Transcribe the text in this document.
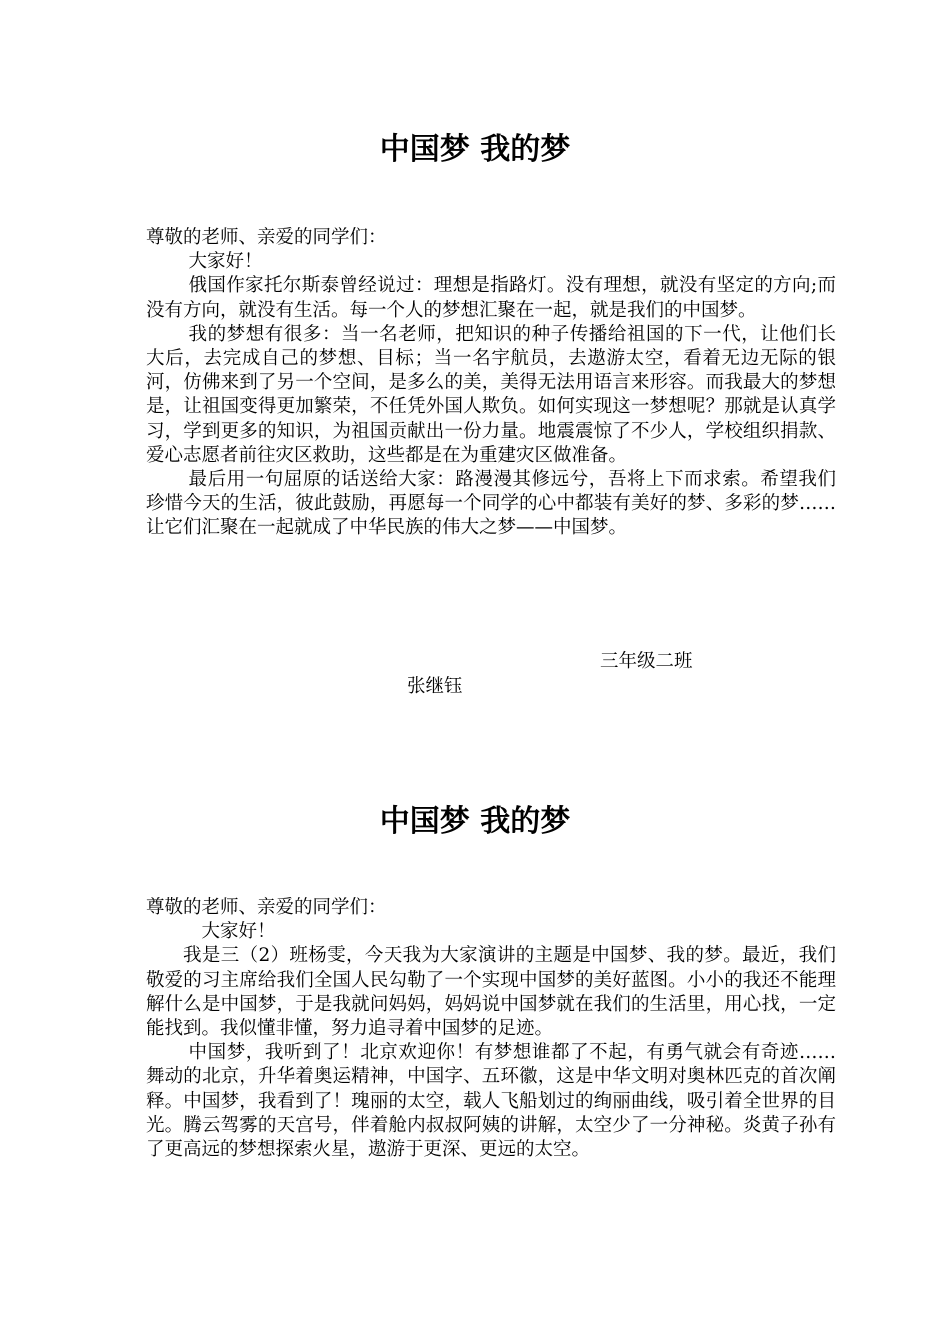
中国梦 我的梦

尊敬的老师、亲爱的同学们：

大家好！

俄国作家托尔斯泰曾经说过：理想是指路灯。没有理想，就没有坚定的方向;而没有方向，就没有生活。每一个人的梦想汇聚在一起，就是我们的中国梦。

我的梦想有很多：当一名老师，把知识的种子传播给祖国的下一代，让他们长大后，去完成自己的梦想、目标；当一名宇航员，去遨游太空，看着无边无际的银河，仿佛来到了另一个空间，是多么的美，美得无法用语言来形容。而我最大的梦想是，让祖国变得更加繁荣，不任凭外国人欺负。如何实现这一梦想呢？那就是认真学习，学到更多的知识，为祖国贡献出一份力量。地震震惊了不少人，学校组织捐款、爱心志愿者前往灾区救助，这些都是在为重建灾区做准备。

最后用一句屈原的话送给大家：路漫漫其修远兮，吾将上下而求索。希望我们珍惜今天的生活，彼此鼓励，再愿每一个同学的心中都装有美好的梦、多彩的梦……让它们汇聚在一起就成了中华民族的伟大之梦——中国梦。

三年级二班
张继钰
中国梦 我的梦

尊敬的老师、亲爱的同学们：

大家好！

我是三（2）班杨雯，今天我为大家演讲的主题是中国梦、我的梦。最近，我们敬爱的习主席给我们全国人民勾勒了一个实现中国梦的美好蓝图。小小的我还不能理解什么是中国梦，于是我就问妈妈，妈妈说中国梦就在我们的生活里，用心找，一定能找到。我似懂非懂，努力追寻着中国梦的足迹。

中国梦，我听到了！北京欢迎你！有梦想谁都了不起，有勇气就会有奇迹……舞动的北京，升华着奥运精神，中国字、五环徽，这是中华文明对奥林匹克的首次阐释。中国梦，我看到了！瑰丽的太空，载人飞船划过的绚丽曲线，吸引着全世界的目光。腾云驾雾的天宫号，伴着舱内叔叔阿姨的讲解，太空少了一分神秘。炎黄子孙有了更高远的梦想探索火星，遨游于更深、更远的太空。
